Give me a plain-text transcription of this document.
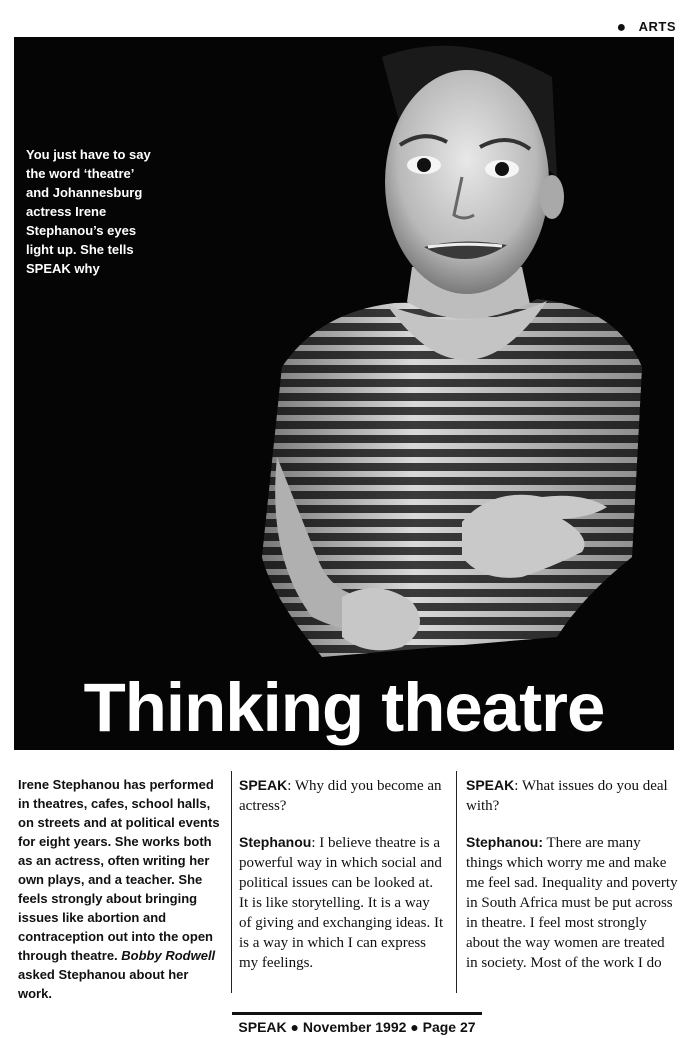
● ARTS
You just have to say the word ‘theatre’ and Johannesburg actress Irene Stephanou’s eyes light up. She tells SPEAK why
Thinking theatre
Irene Stephanou has performed in theatres, cafes, school halls, on streets and at political events for eight years. She works both as an actress, often writing her own plays, and a teacher. She feels strongly about bringing issues like abortion and contraception out into the open through theatre. Bobby Rodwell asked Stephanou about her work.

SPEAK: Why did you become an actress?

Stephanou: I believe theatre is a powerful way in which social and political issues can be looked at. It is like storytelling. It is a way of giving and exchanging ideas. It is a way in which I can express my feelings.

SPEAK: What issues do you deal with?

Stephanou: There are many things which worry me and make me feel sad. Inequality and poverty in South Africa must be put across in theatre. I feel most strongly about the way women are treated in society. Most of the work I do

SPEAK ● November 1992 ● Page 27
